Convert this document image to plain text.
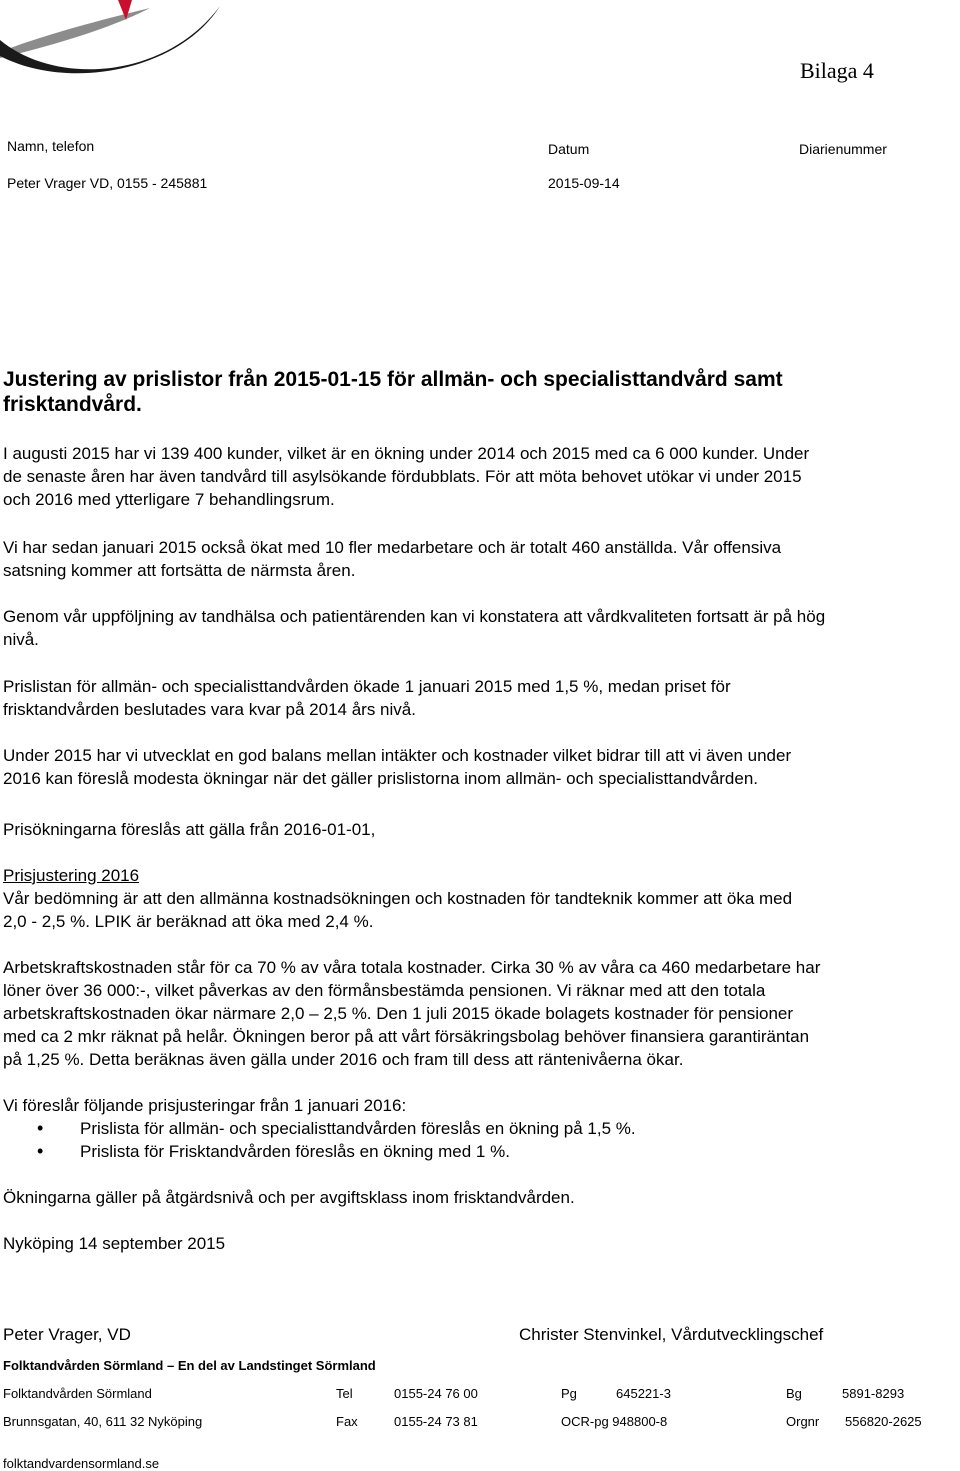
Bilaga 4
Namn, telefon	Datum	Diarienummer
Peter Vrager VD, 0155 - 245881	2015-09-14
Justering av prislistor från 2015-01-15 för allmän- och specialisttandvård samt
frisktandvård.
I augusti 2015 har vi 139 400 kunder, vilket är en ökning under 2014 och 2015 med ca 6 000 kunder. Under
de senaste åren har även tandvård till asylsökande fördubblats. För att möta behovet utökar vi under 2015
och 2016 med ytterligare 7 behandlingsrum.
Vi har sedan januari 2015 också ökat med 10 fler medarbetare och är totalt 460 anställda. Vår offensiva
satsning kommer att fortsätta de närmsta åren.
Genom vår uppföljning av tandhälsa och patientärenden kan vi konstatera att vårdkvaliteten fortsatt är på hög
nivå.
Prislistan för allmän- och specialisttandvården ökade 1 januari 2015 med 1,5 %, medan priset för
frisktandvården beslutades vara kvar på 2014 års nivå.
Under 2015 har vi utvecklat en god balans mellan intäkter och kostnader vilket bidrar till att vi även under
2016 kan föreslå modesta ökningar när det gäller prislistorna inom allmän- och specialisttandvården.
Prisökningarna föreslås att gälla från 2016-01-01,
Prisjustering 2016
Vår bedömning är att den allmänna kostnadsökningen och kostnaden för tandteknik kommer att öka med
2,0 - 2,5 %. LPIK är beräknad att öka med 2,4 %.
Arbetskraftskostnaden står för ca 70 % av våra totala kostnader. Cirka 30 % av våra ca 460 medarbetare har
löner över 36 000:-, vilket påverkas av den förmånsbestämda pensionen. Vi räknar med att den totala
arbetskraftskostnaden ökar närmare 2,0 – 2,5 %. Den 1 juli 2015 ökade bolagets kostnader för pensioner
med ca 2 mkr räknat på helår. Ökningen beror på att vårt försäkringsbolag behöver finansiera garantiräntan
på 1,25 %. Detta beräknas även gälla under 2016 och fram till dess att räntenivåerna ökar.
Vi föreslår följande prisjusteringar från 1 januari 2016:
• Prislista för allmän- och specialisttandvården föreslås en ökning på 1,5 %.
• Prislista för Frisktandvården föreslås en ökning med 1 %.
Ökningarna gäller på åtgärdsnivå och per avgiftsklass inom frisktandvården.
Nyköping 14 september 2015
Peter Vrager, VD	Christer Stenvinkel, Vårdutvecklingschef
Folktandvården Sörmland – En del av Landstinget Sörmland
Folktandvården Sörmland	Tel	0155-24 76 00	Pg	645221-3	Bg	5891-8293
Brunnsgatan, 40, 611 32 Nyköping	Fax	0155-24 73 81	OCR-pg 948800-8	Orgnr 556820-2625
folktandvardensormland.se
